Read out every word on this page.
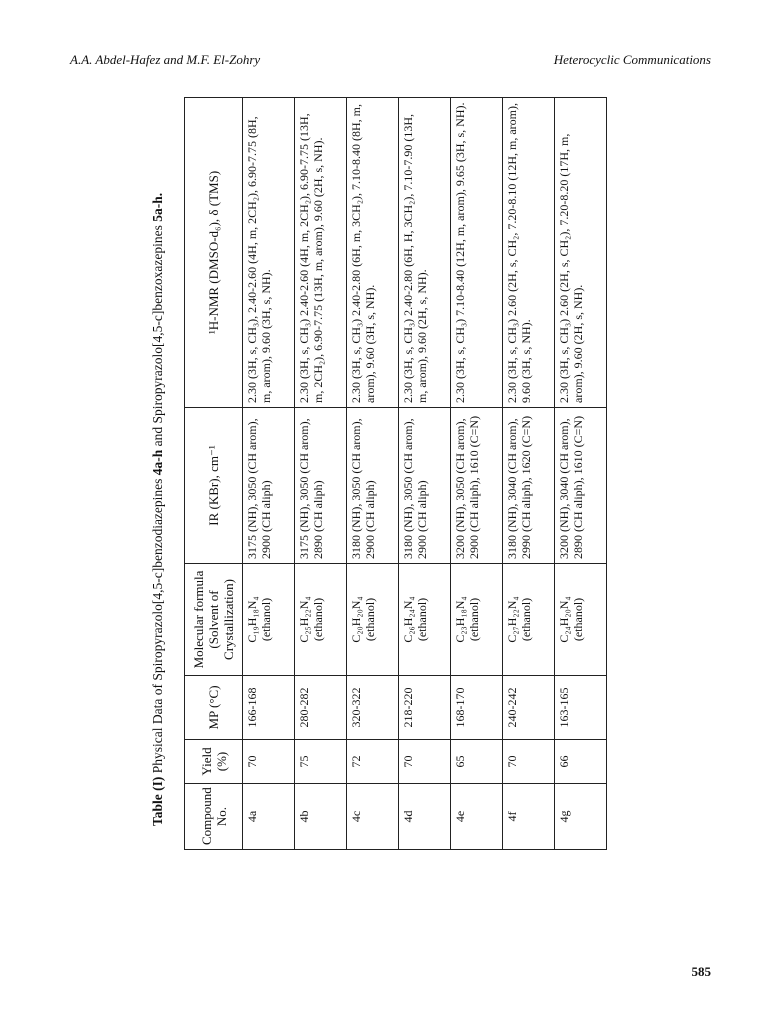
A.A. Abdel-Hafez and M.F. El-Zohry	Heterocyclic Communications
Table (I) Physical Data of Spiropyrazolo[4,5-c]benzodiazepines 4a-h and Spiropyrazolo[4,5-c]benzoxazepines 5a-h.
Compound No.	Yield (%)	MP (°C)	Molecular formula (Solvent of Crystallization)	IR (KBr), cm⁻¹	¹H-NMR (DMSO-d₆), δ (TMS)
4a	70	166-168	C₁₉H₁₈N₄ (ethanol)	3175 (NH), 3050 (CH arom), 2900 (CH aliph)	2.30 (3H, s, CH₃), 2.40-2.60 (4H, m, 2CH₂), 6.90-7.75 (8H, m, arom), 9.60 (3H, s, NH).
4b	75	280-282	C₂₅H₂₂N₄ (ethanol)	3175 (NH), 3050 (CH arom), 2890 (CH aliph)	2.30 (3H, s, CH₃) 2.40-2.60 (4H, m, 2CH₂), 6.90-7.75 (13H, m, 2CH₂), 6.90-7.75 (13H, m, arom), 9.60 (2H, s, NH).
4c	72	320-322	C₂₀H₂₀N₄ (ethanol)	3180 (NH), 3050 (CH arom), 2900 (CH aliph)	2.30 (3H, s, CH₃) 2.40-2.80 (6H, m, 3CH₂), 7.10-8.40 (8H, m, arom), 9.60 (3H, s, NH).
4d	70	218-220	C₂₆H₂₄N₄ (ethanol)	3180 (NH), 3050 (CH arom), 2900 (CH aliph)	2.30 (3H, s, CH₃) 2.40-2.80 (6H, H, 3CH₂), 7.10-7.90 (13H, m, arom), 9.60 (2H, s, NH).
4e	65	168-170	C₂₃H₁₈N₄ (ethanol)	3200 (NH), 3050 (CH arom), 2900 (CH aliph), 1610 (C=N)	2.30 (3H, s, CH₃) 7.10-8.40 (12H, m, arom), 9.65 (3H, s, NH).
4f	70	240-242	C₂₇H₂₂N₄ (ethanol)	3180 (NH), 3040 (CH arom), 2990 (CH aliph), 1620 (C=N)	2.30 (3H, s, CH₃) 2.60 (2H, s, CH₂, 7.20-8.10 (12H, m, arom), 9.60 (3H, s, NH).
4g	66	163-165	C₂₄H₂₀N₄ (ethanol)	3200 (NH), 3040 (CH arom), 2890 (CH aliph), 1610 (C=N)	2.30 (3H, s, CH₃) 2.60 (2H, s, CH₂), 7.20-8.20 (17H, m, arom), 9.60 (2H, s, NH).
585
